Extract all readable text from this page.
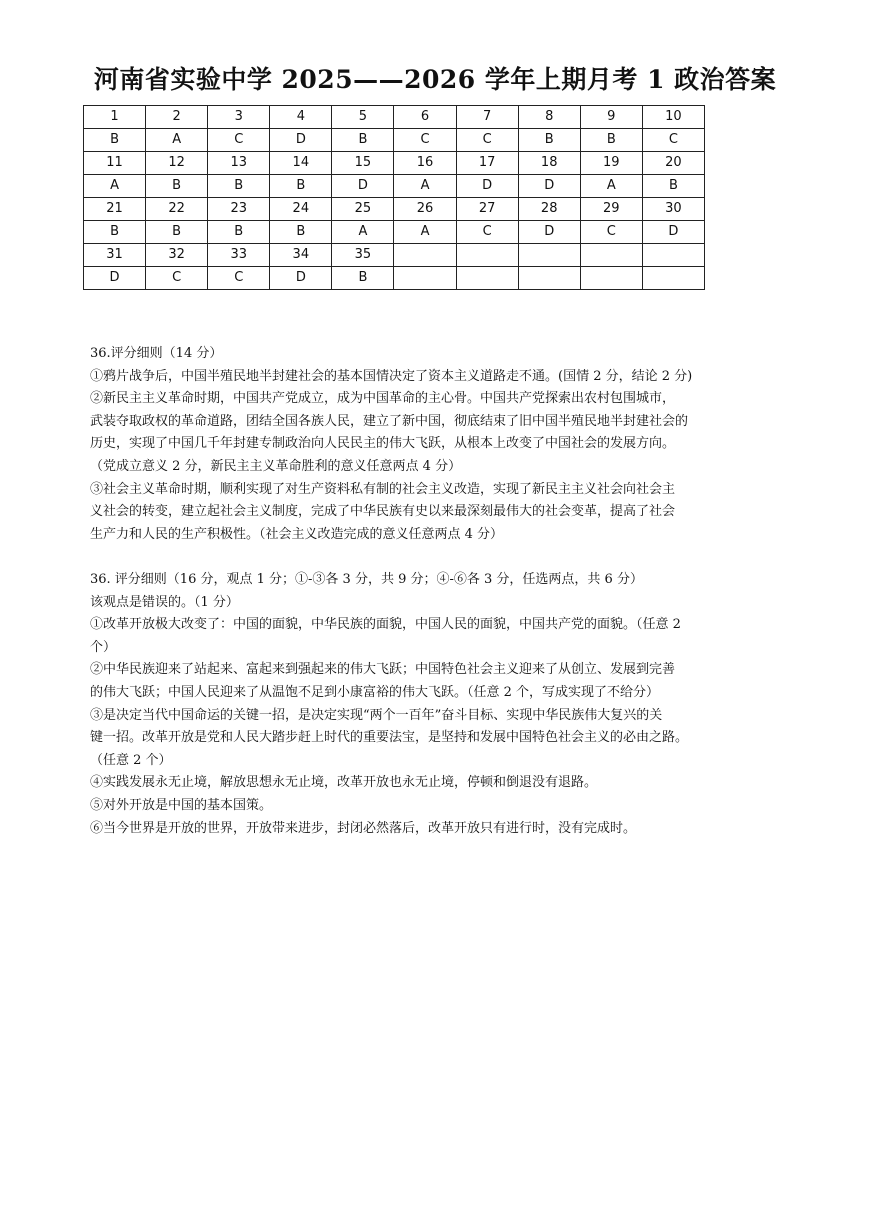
河南省实验中学 2025——2026 学年上期月考 1 政治答案
1	2	3	4	5	6	7	8	9	10
B	A	C	D	B	C	C	B	B	C
11	12	13	14	15	16	17	18	19	20
A	B	B	B	D	A	D	D	A	B
21	22	23	24	25	26	27	28	29	30
B	B	B	B	A	A	C	D	C	D
31	32	33	34	35					
D	C	C	D	B					

36.评分细则（14 分）

①鸦片战争后，中国半殖民地半封建社会的基本国情决定了资本主义道路走不通。(国情 2 分，结论 2 分)

②新民主主义革命时期，中国共产党成立，成为中国革命的主心骨。中国共产党探索出农村包围城市，

武装夺取政权的革命道路，团结全国各族人民，建立了新中国，彻底结束了旧中国半殖民地半封建社会的

历史，实现了中国几千年封建专制政治向人民民主的伟大飞跃，从根本上改变了中国社会的发展方向。

（党成立意义 2 分，新民主主义革命胜利的意义任意两点 4 分）

③社会主义革命时期，顺利实现了对生产资料私有制的社会主义改造，实现了新民主主义社会向社会主

义社会的转变，建立起社会主义制度，完成了中华民族有史以来最深刻最伟大的社会变革，提高了社会

生产力和人民的生产积极性。（社会主义改造完成的意义任意两点 4 分）

36. 评分细则（16 分，观点 1 分；①-③各 3 分，共 9 分；④-⑥各 3 分，任选两点，共 6 分）

该观点是错误的。（1 分）

①改革开放极大改变了：中国的面貌，中华民族的面貌，中国人民的面貌，中国共产党的面貌。（任意 2

个）

②中华民族迎来了站起来、富起来到强起来的伟大飞跃；中国特色社会主义迎来了从创立、发展到完善

的伟大飞跃；中国人民迎来了从温饱不足到小康富裕的伟大飞跃。（任意 2 个，写成实现了不给分）

③是决定当代中国命运的关键一招，是决定实现“两个一百年”奋斗目标、实现中华民族伟大复兴的关

键一招。改革开放是党和人民大踏步赶上时代的重要法宝，是坚持和发展中国特色社会主义的必由之路。

（任意 2 个）

④实践发展永无止境，解放思想永无止境，改革开放也永无止境，停顿和倒退没有退路。

⑤对外开放是中国的基本国策。

⑥当今世界是开放的世界，开放带来进步，封闭必然落后，改革开放只有进行时，没有完成时。
